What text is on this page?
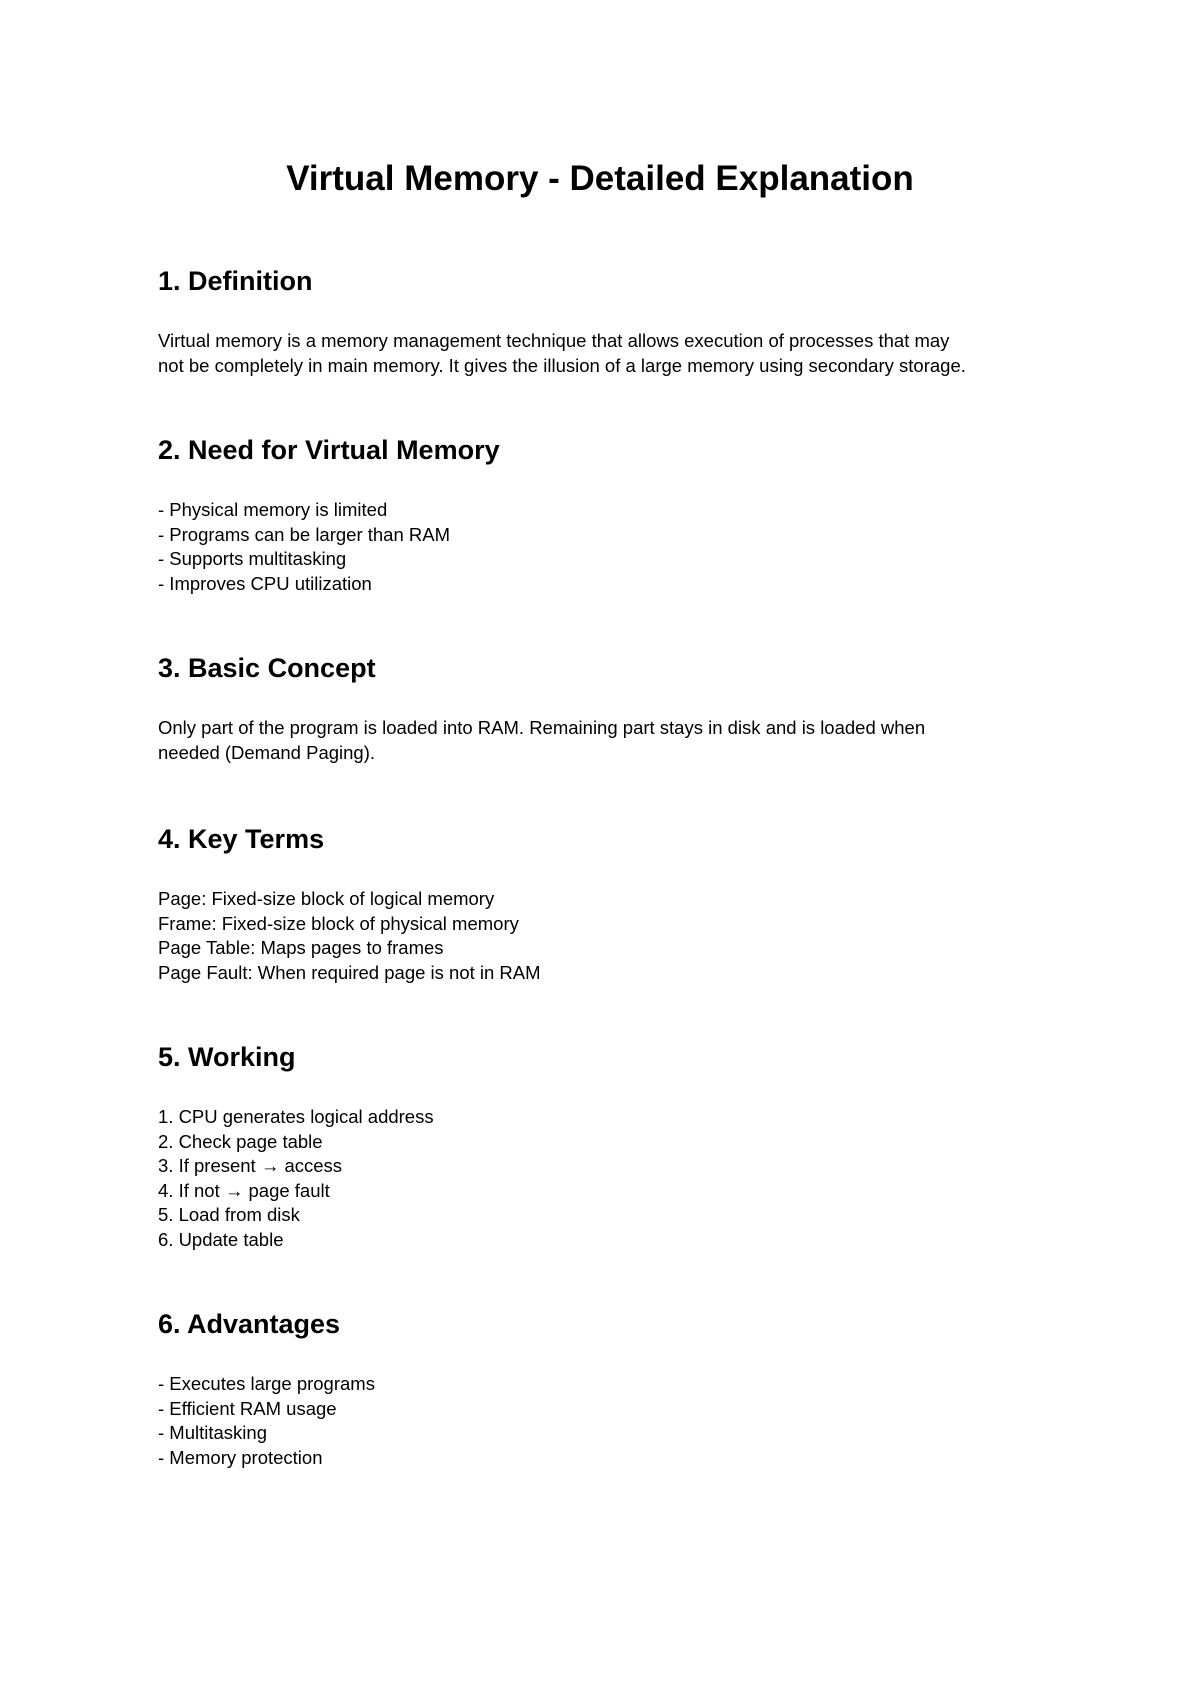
Virtual Memory - Detailed Explanation
1. Definition
Virtual memory is a memory management technique that allows execution of processes that may
not be completely in main memory. It gives the illusion of a large memory using secondary storage.
2. Need for Virtual Memory
- Physical memory is limited
- Programs can be larger than RAM
- Supports multitasking
- Improves CPU utilization
3. Basic Concept
Only part of the program is loaded into RAM. Remaining part stays in disk and is loaded when
needed (Demand Paging).
4. Key Terms
Page: Fixed-size block of logical memory
Frame: Fixed-size block of physical memory
Page Table: Maps pages to frames
Page Fault: When required page is not in RAM
5. Working
1. CPU generates logical address
2. Check page table
3. If present → access
4. If not → page fault
5. Load from disk
6. Update table
6. Advantages
- Executes large programs
- Efficient RAM usage
- Multitasking
- Memory protection
